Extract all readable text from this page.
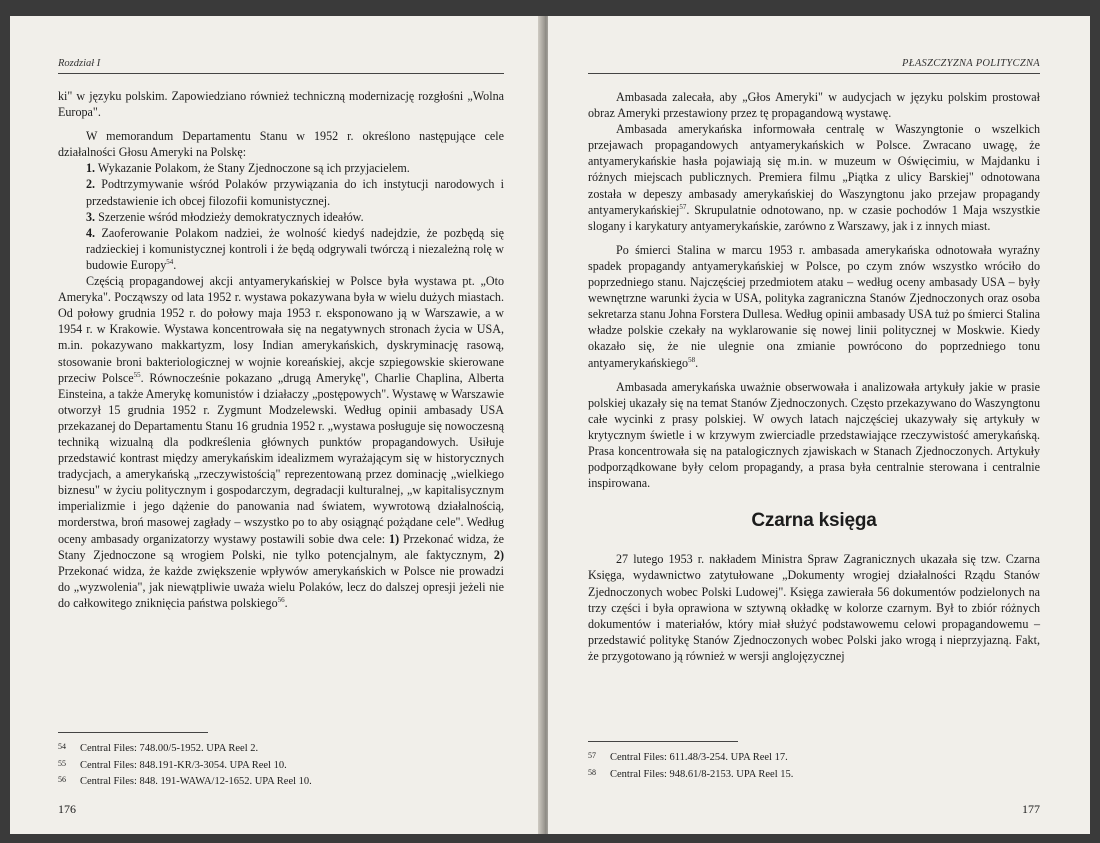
Rozdział I

ki" w języku polskim. Zapowiedziano również techniczną modernizację rozgłośni „Wolna Europa".

W memorandum Departamentu Stanu w 1952 r. określono następujące cele działalności Głosu Ameryki na Polskę:

1. Wykazanie Polakom, że Stany Zjednoczone są ich przyjacielem.

2. Podtrzymywanie wśród Polaków przywiązania do ich instytucji narodowych i przedstawienie ich obcej filozofii komunistycznej.

3. Szerzenie wśród młodzieży demokratycznych ideałów.

4. Zaoferowanie Polakom nadziei, że wolność kiedyś nadejdzie, że pozbędą się radzieckiej i komunistycznej kontroli i że będą odgrywali twórczą i niezależną rolę w budowie Europy$^{54}$.

Częścią propagandowej akcji antyamerykańskiej w Polsce była wystawa pt. „Oto Ameryka". Począwszy od lata 1952 r. wystawa pokazywana była w wielu dużych miastach. Od połowy grudnia 1952 r. do połowy maja 1953 r. eksponowano ją w Warszawie, a w 1954 r. w Krakowie. Wystawa koncentrowała się na negatywnych stronach życia w USA, m.in. pokazywano makkartyzm, losy Indian amerykańskich, dyskryminację rasową, stosowanie broni bakteriologicznej w wojnie koreańskiej, akcje szpiegowskie skierowane przeciw Polsce$^{55}$. Równocześnie pokazano „drugą Amerykę", Charlie Chaplina, Alberta Einsteina, a także Amerykę komunistów i działaczy „postępowych". Wystawę w Warszawie otworzył 15 grudnia 1952 r. Zygmunt Modzelewski. Według opinii ambasady USA przekazanej do Departamentu Stanu 16 grudnia 1952 r. „wystawa posługuje się nowoczesną techniką wizualną dla podkreślenia głównych punktów propagandowych. Usiłuje przedstawić kontrast między amerykańskim idealizmem wyrażającym się w historycznych tradycjach, a amerykańską „rzeczywistością" reprezentowaną przez dominację „wielkiego biznesu" w życiu politycznym i gospodarczym, degradacji kulturalnej, „w kapitalisycznym imperializmie i jego dążenie do panowania nad światem, wywrotową działalnością, morderstwa, broń masowej zagłady – wszystko po to aby osiągnąć pożądane cele". Według oceny ambasady organizatorzy wystawy postawili sobie dwa cele: 1) Przekonać widza, że Stany Zjednoczone są wrogiem Polski, nie tylko potencjalnym, ale faktycznym, 2) Przekonać widza, że każde zwiększenie wpływów amerykańskich w Polsce nie prowadzi do „wyzwolenia", jak niewątpliwie uważa wielu Polaków, lecz do dalszej opresji jeżeli nie do całkowitego zniknięcia państwa polskiego$^{56}$.

54 Central Files: 748.00/5-1952. UPA Reel 2.
55 Central Files: 848.191-KR/3-3054. UPA Reel 10.
56 Central Files: 848. 191-WAWA/12-1652. UPA Reel 10.
176
PŁASZCZYZNA POLITYCZNA

Ambasada zalecała, aby „Głos Ameryki" w audycjach w języku polskim prostował obraz Ameryki przestawiony przez tę propagandową wystawę.

Ambasada amerykańska informowała centralę w Waszyngtonie o wszelkich przejawach propagandowych antyamerykańskich w Polsce. Zwracano uwagę, że antyamerykańskie hasła pojawiają się m.in. w muzeum w Oświęcimiu, w Majdanku i różnych miejscach publicznych. Premiera filmu „Piątka z ulicy Barskiej" odnotowana została w depeszy ambasady amerykańskiej do Waszyngtonu jako przejaw propagandy antyamerykańskiej$^{57}$. Skrupulatnie odnotowano, np. w czasie pochodów 1 Maja wszystkie slogany i karykatury antyamerykańskie, zarówno z Warszawy, jak i z innych miast.

Po śmierci Stalina w marcu 1953 r. ambasada amerykańska odnotowała wyraźny spadek propagandy antyamerykańskiej w Polsce, po czym znów wszystko wróciło do poprzedniego stanu. Najczęściej przedmiotem ataku – według oceny ambasady USA – były wewnętrzne warunki życia w USA, polityka zagraniczna Stanów Zjednoczonych oraz osoba sekretarza stanu Johna Forstera Dullesa. Według opinii ambasady USA tuż po śmierci Stalina władze polskie czekały na wyklarowanie się nowej linii politycznej w Moskwie. Kiedy okazało się, że nie ulegnie ona zmianie powrócono do poprzedniego tonu antyamerykańskiego$^{58}$.

Ambasada amerykańska uważnie obserwowała i analizowała artykuły jakie w prasie polskiej ukazały się na temat Stanów Zjednoczonych. Często przekazywano do Waszyngtonu całe wycinki z prasy polskiej. W owych latach najczęściej ukazywały się artykuły w krytycznym świetle i w krzywym zwierciadle przedstawiające rzeczywistość amerykańską. Prasa koncentrowała się na patalogicznych zjawiskach w Stanach Zjednoczonych. Artykuły podporządkowane były celom propagandy, a prasa była centralnie sterowana i centralnie inspirowana.

Czarna księga

27 lutego 1953 r. nakładem Ministra Spraw Zagranicznych ukazała się tzw. Czarna Księga, wydawnictwo zatytułowane „Dokumenty wrogiej działalności Rządu Stanów Zjednoczonych wobec Polski Ludowej". Księga zawierała 56 dokumentów podzielonych na trzy części i była oprawiona w sztywną okładkę w kolorze czarnym. Był to zbiór różnych dokumentów i materiałów, który miał służyć podstawowemu celowi propagandowemu – przedstawić politykę Stanów Zjednoczonych wobec Polski jako wrogą i nieprzyjazną. Fakt, że przygotowano ją również w wersji anglojęzycznej

57 Central Files: 611.48/3-254. UPA Reel 17.
58 Central Files: 948.61/8-2153. UPA Reel 15.
177
